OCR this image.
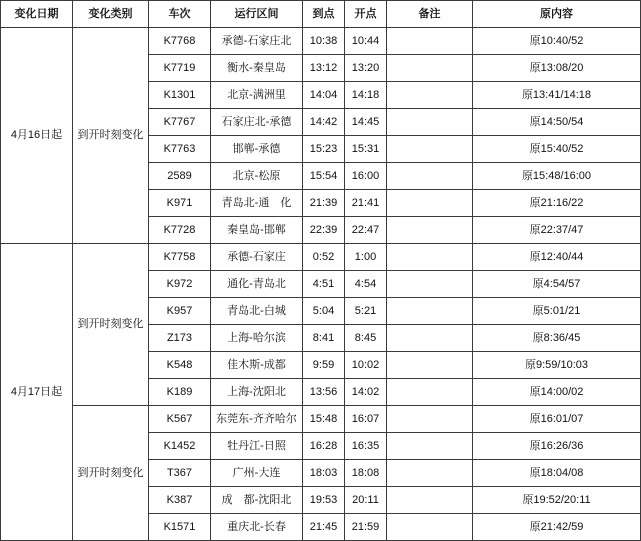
变化日期	变化类别	车次	运行区间	到点	开点	备注	原内容
4月16日起	到开时刻变化	K7768	承德-石家庄北	10:38	10:44		原10:40/52
		K7719	衡水-秦皇岛	13:12	13:20		原13:08/20
		K1301	北京-满洲里	14:04	14:18		原13:41/14:18
		K7767	石家庄北-承德	14:42	14:45		原14:50/54
		K7763	邯郸-承德	15:23	15:31		原15:40/52
		2589	北京-松原	15:54	16:00		原15:48/16:00
		K971	青岛北-通　化	21:39	21:41		原21:16/22
		K7728	秦皇岛-邯郸	22:39	22:47		原22:37/47
4月17日起	到开时刻变化	K7758	承德-石家庄	0:52	1:00		原12:40/44
		K972	通化-青岛北	4:51	4:54		原4:54/57
		K957	青岛北-白城	5:04	5:21		原5:01/21
		Z173	上海-哈尔滨	8:41	8:45		原8:36/45
		K548	佳木斯-成都	9:59	10:02		原9:59/10:03
		K189	上海-沈阳北	13:56	14:02		原14:00/02
	到开时刻变化	K567	东莞东-齐齐哈尔	15:48	16:07		原16:01/07
		K1452	牡丹江-日照	16:28	16:35		原16:26/36
		T367	广州-大连	18:03	18:08		原18:04/08
		K387	成　都-沈阳北	19:53	20:11		原19:52/20:11
		K1571	重庆北-长春	21:45	21:59		原21:42/59
